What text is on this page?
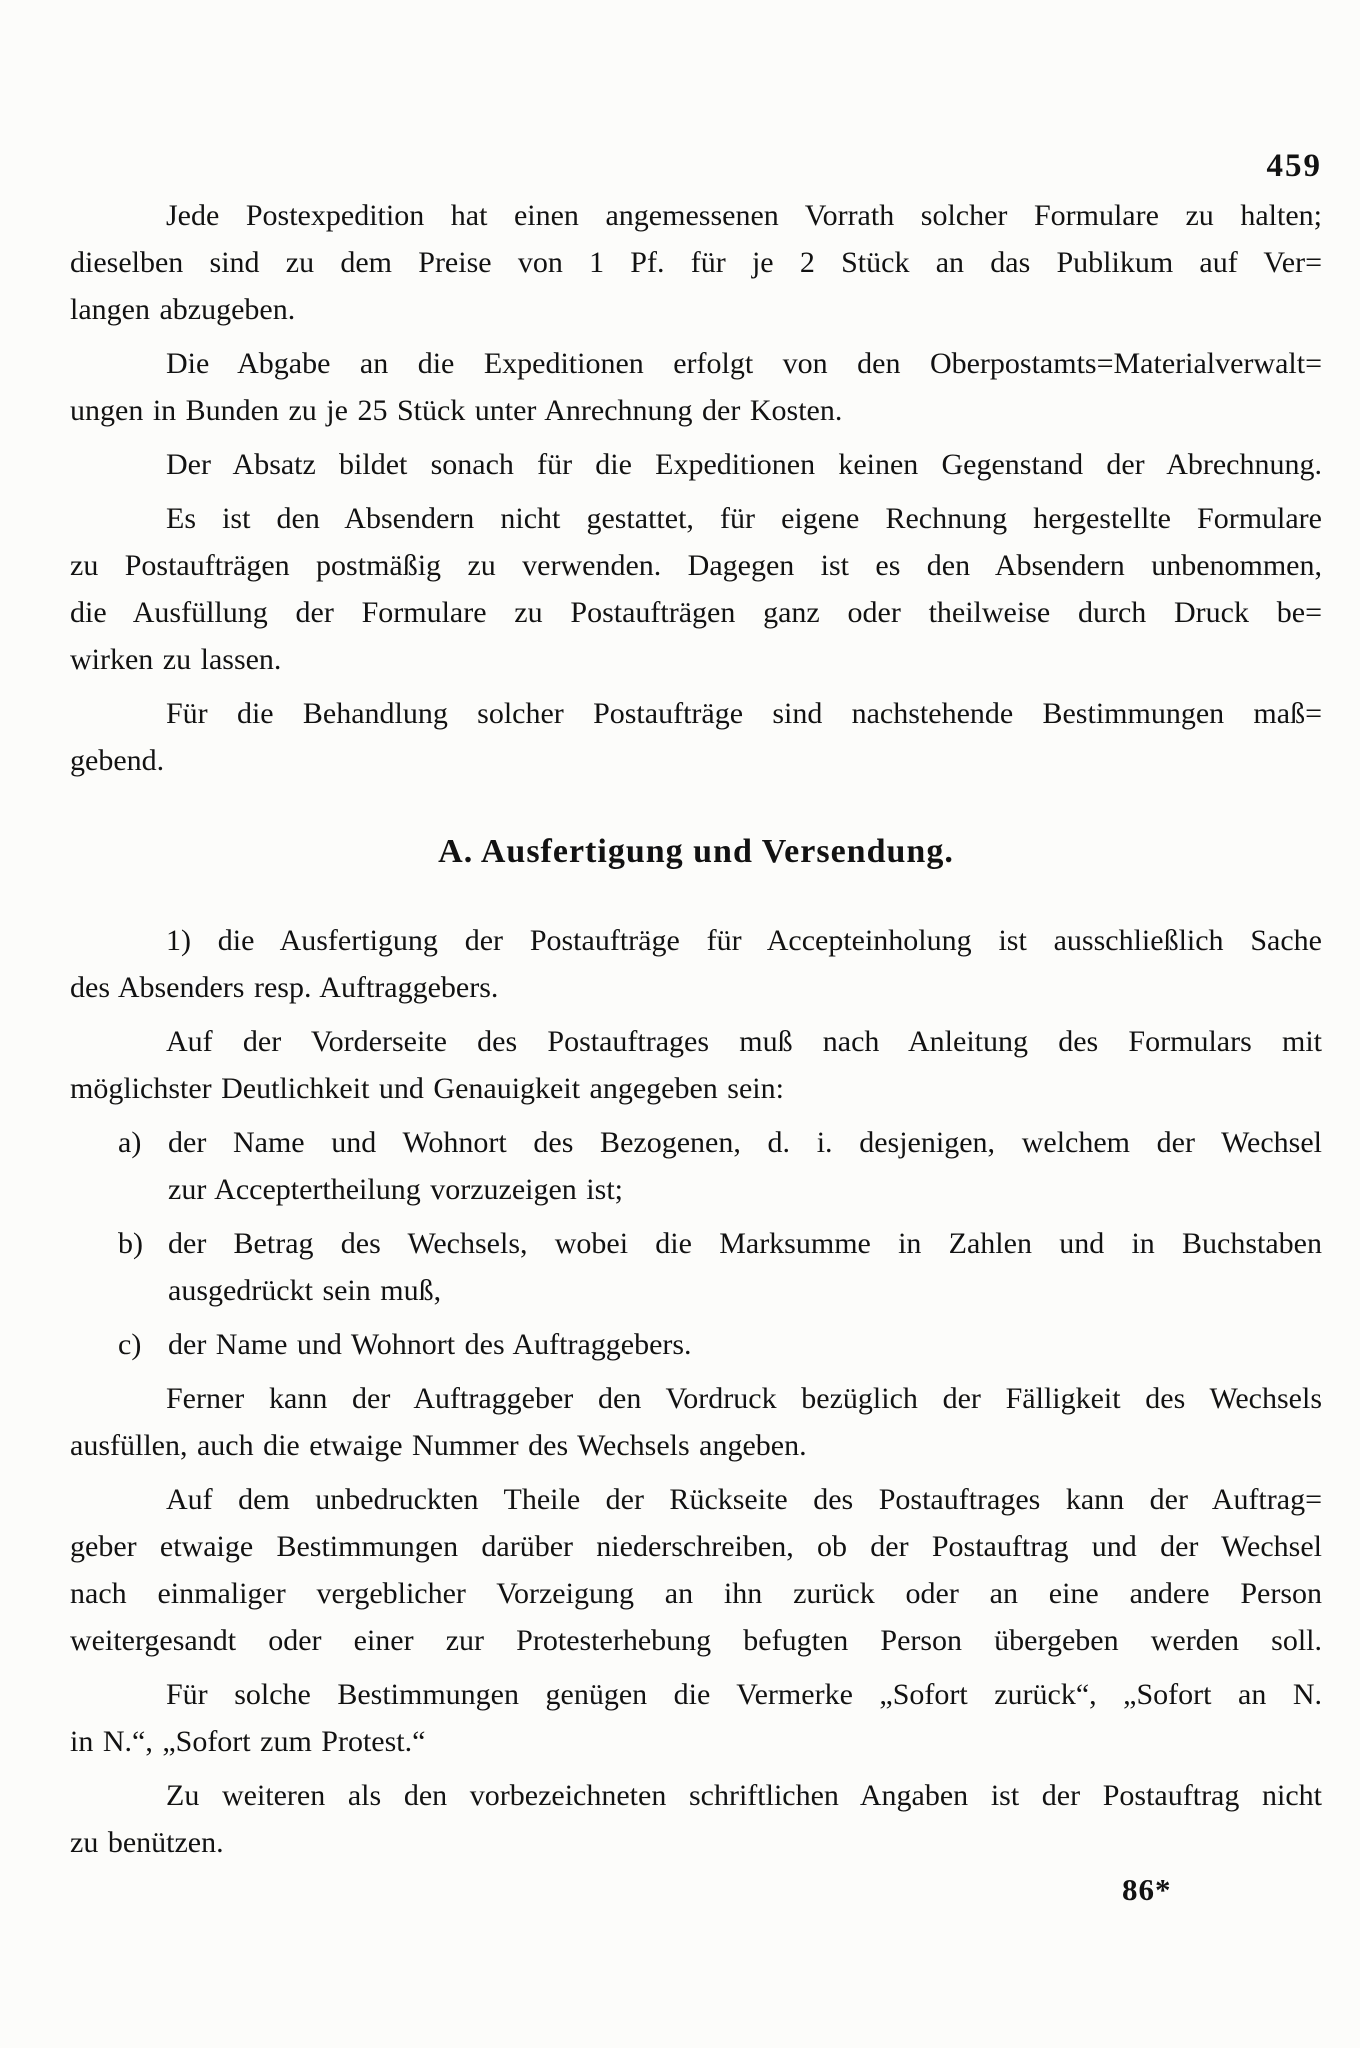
459
Jede Postexpedition hat einen angemessenen Vorrath solcher Formulare zu halten;
dieselben sind zu dem Preise von 1 Pf. für je 2 Stück an das Publikum auf Ver=
langen abzugeben.
Die Abgabe an die Expeditionen erfolgt von den Oberpostamts=Materialverwalt=
ungen in Bunden zu je 25 Stück unter Anrechnung der Kosten.
Der Absatz bildet sonach für die Expeditionen keinen Gegenstand der Abrechnung.
Es ist den Absendern nicht gestattet, für eigene Rechnung hergestellte Formulare
zu Postaufträgen postmäßig zu verwenden. Dagegen ist es den Absendern unbenommen,
die Ausfüllung der Formulare zu Postaufträgen ganz oder theilweise durch Druck be=
wirken zu lassen.
Für die Behandlung solcher Postaufträge sind nachstehende Bestimmungen maß=
gebend.
A. Ausfertigung und Versendung.
1) die Ausfertigung der Postaufträge für Accepteinholung ist ausschließlich Sache
des Absenders resp. Auftraggebers.
Auf der Vorderseite des Postauftrages muß nach Anleitung des Formulars mit
möglichster Deutlichkeit und Genauigkeit angegeben sein:
a) der Name und Wohnort des Bezogenen, d. i. desjenigen, welchem der Wechsel
zur Acceptertheilung vorzuzeigen ist;
b) der Betrag des Wechsels, wobei die Marksumme in Zahlen und in Buchstaben
ausgedrückt sein muß,
c) der Name und Wohnort des Auftraggebers.
Ferner kann der Auftraggeber den Vordruck bezüglich der Fälligkeit des Wechsels
ausfüllen, auch die etwaige Nummer des Wechsels angeben.
Auf dem unbedruckten Theile der Rückseite des Postauftrages kann der Auftrag=
geber etwaige Bestimmungen darüber niederschreiben, ob der Postauftrag und der Wechsel
nach einmaliger vergeblicher Vorzeigung an ihn zurück oder an eine andere Person
weitergesandt oder einer zur Protesterhebung befugten Person übergeben werden soll.
Für solche Bestimmungen genügen die Vermerke „Sofort zurück“, „Sofort an N.
in N.“, „Sofort zum Protest.“
Zu weiteren als den vorbezeichneten schriftlichen Angaben ist der Postauftrag nicht
zu benützen.
86*
